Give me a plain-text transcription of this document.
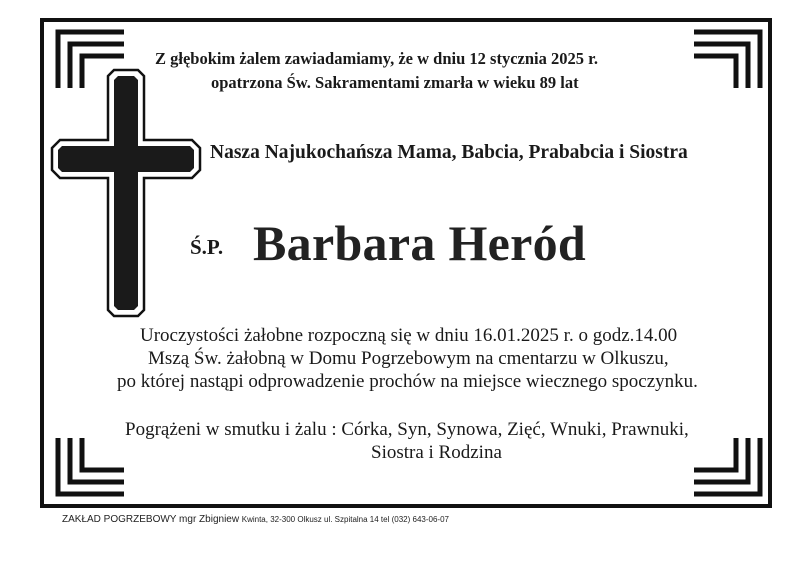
Z głębokim żalem zawiadamiamy, że w dniu 12 stycznia 2025 r.
opatrzona Św. Sakramentami zmarła w wieku 89 lat
Nasza Najukochańsza Mama, Babcia, Prababcia i Siostra
Ś.P. Barbara Heród
Uroczystości żałobne rozpoczną się w dniu 16.01.2025 r. o godz.14.00
Mszą Św. żałobną w Domu Pogrzebowym na cmentarzu w Olkuszu,
po której nastąpi odprowadzenie prochów na miejsce wiecznego spoczynku.
Pogrążeni w smutku i żalu : Córka, Syn, Synowa, Zięć, Wnuki, Prawnuki,
Siostra i Rodzina
ZAKŁAD POGRZEBOWY mgr Zbigniew Kwinta, 32-300 Olkusz ul. Szpitalna 14 tel (032) 643-06-07
